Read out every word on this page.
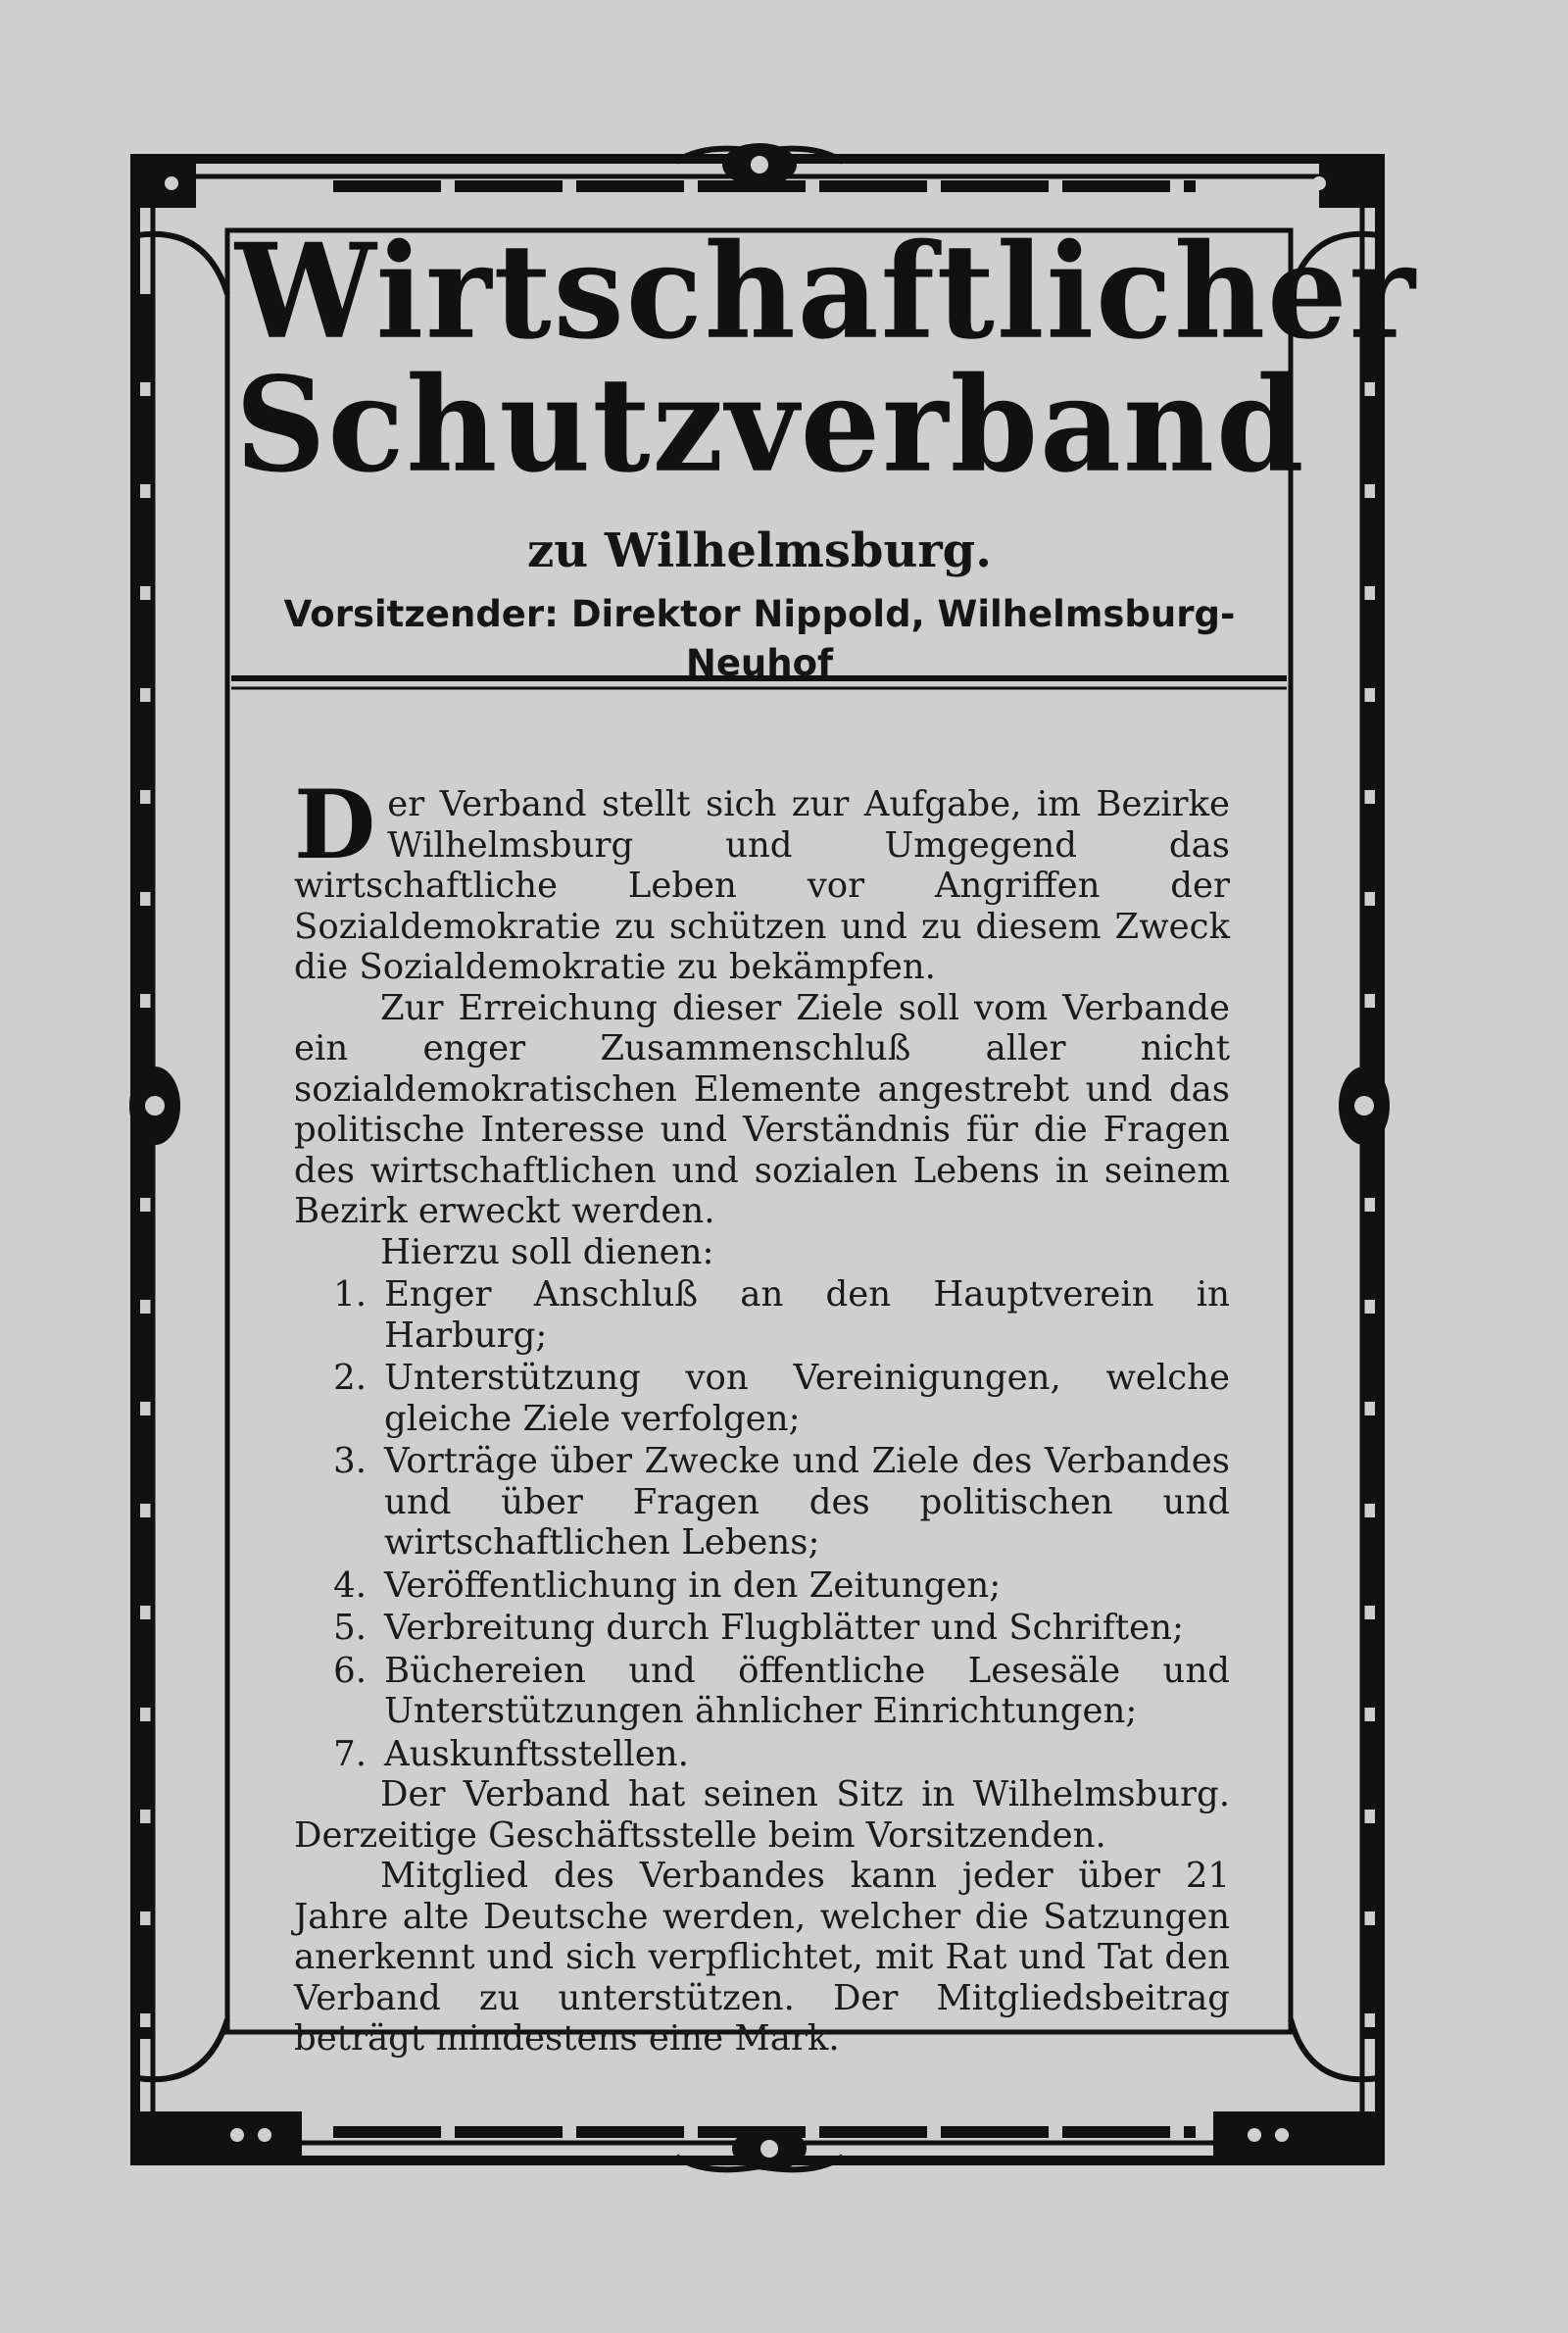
Wirtschaftlicher
Schutzverband
zu Wilhelmsburg.
Vorsitzender: Direktor Nippold, Wilhelmsburg-Neuhof

Der Verband stellt sich zur Aufgabe, im Bezirke Wilhelmsburg und Umgegend das wirtschaftliche Leben vor Angriffen der Sozialdemokratie zu schützen und zu diesem Zweck die Sozialdemokratie zu bekämpfen.

Zur Erreichung dieser Ziele soll vom Verbande ein enger Zusammenschluß aller nicht sozialdemokratischen Elemente angestrebt und das politische Interesse und Verständnis für die Fragen des wirtschaftlichen und sozialen Lebens in seinem Bezirk erweckt werden.

Hierzu soll dienen:

1. Enger Anschluß an den Hauptverein in Harburg;
2. Unterstützung von Vereinigungen, welche gleiche Ziele verfolgen;
3. Vorträge über Zwecke und Ziele des Verbandes und über Fragen des politischen und wirtschaftlichen Lebens;
4. Veröffentlichung in den Zeitungen;
5. Verbreitung durch Flugblätter und Schriften;
6. Büchereien und öffentliche Lesesäle und Unterstützungen ähnlicher Einrichtungen;
7. Auskunftsstellen.

Der Verband hat seinen Sitz in Wilhelmsburg. Derzeitige Geschäftsstelle beim Vorsitzenden.

Mitglied des Verbandes kann jeder über 21 Jahre alte Deutsche werden, welcher die Satzungen anerkennt und sich verpflichtet, mit Rat und Tat den Verband zu unterstützen. Der Mitgliedsbeitrag beträgt mindestens eine Mark.
